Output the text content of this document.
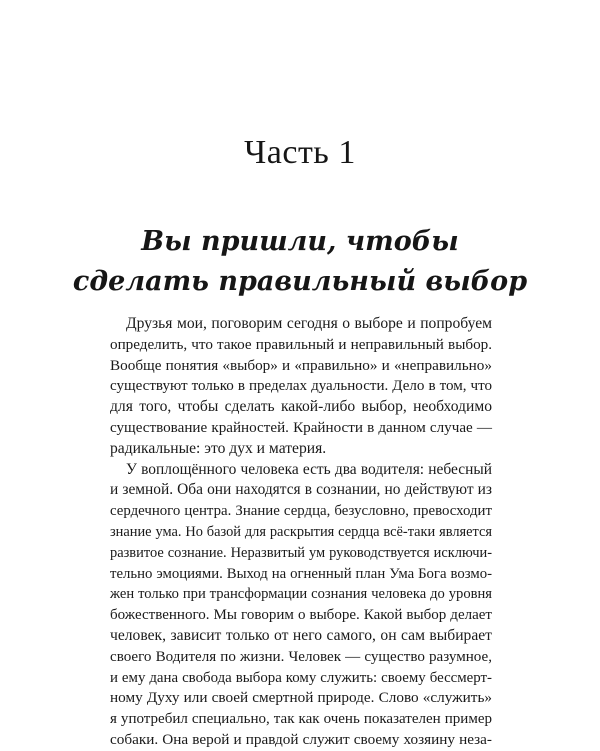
Часть 1
Вы пришли, чтобы
сделать правильный выбор
Друзья мои, поговорим сегодня о выборе и попробуем
определить, что такое правильный и неправильный выбор.
Вообще понятия «выбор» и «правильно» и «неправильно»
существуют только в пределах дуальности. Дело в том, что
для того, чтобы сделать какой-либо выбор, необходимо
существование крайностей. Крайности в данном случае —
радикальные: это дух и материя.
У воплощённого человека есть два водителя: небесный
и земной. Оба они находятся в сознании, но действуют из
сердечного центра. Знание сердца, безусловно, превосходит
знание ума. Но базой для раскрытия сердца всё-таки является
развитое сознание. Неразвитый ум руководствуется исключи-
тельно эмоциями. Выход на огненный план Ума Бога возмо-
жен только при трансформации сознания человека до уровня
божественного. Мы говорим о выборе. Какой выбор делает
человек, зависит только от него самого, он сам выбирает
своего Водителя по жизни. Человек — существо разумное,
и ему дана свобода выбора кому служить: своему бессмерт-
ному Духу или своей смертной природе. Слово «служить»
я употребил специально, так как очень показателен пример
собаки. Она верой и правдой служит своему хозяину неза-
